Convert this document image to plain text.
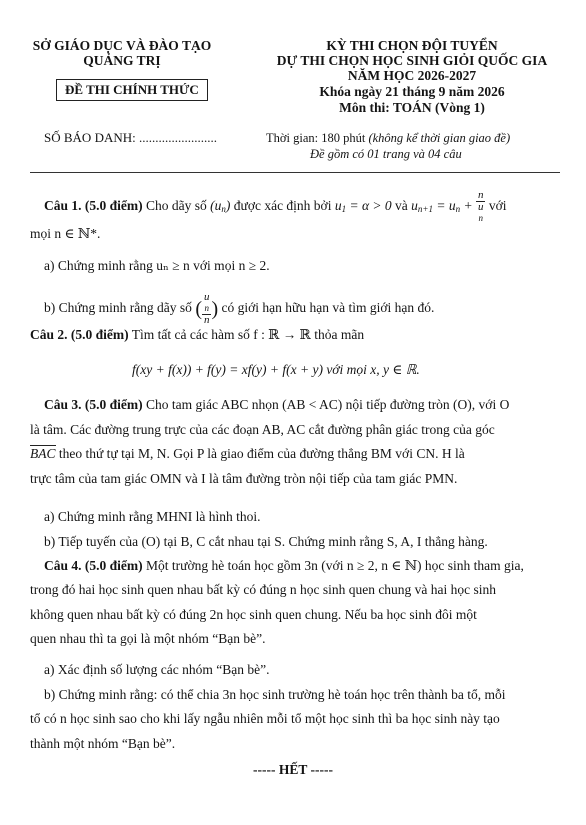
SỞ GIÁO DỤC VÀ ĐÀO TẠO
QUẢNG TRỊ
ĐỀ THI CHÍNH THỨC
KỲ THI CHỌN ĐỘI TUYỂN
DỰ THI CHỌN HỌC SINH GIỎI QUỐC GIA
NĂM HỌC 2026-2027
Khóa ngày 21 tháng 9 năm 2026
Môn thi: TOÁN (Vòng 1)
SỐ BÁO DANH: ........................	Thời gian: 180 phút (không kể thời gian giao đề)
Đề gồm có 01 trang và 04 câu
Câu 1. (5.0 điểm) Cho dãy số (un) được xác định bởi u1 = α > 0 và un+1 = un + n
u
n với
mọi n ∈ ℕ*.
a) Chứng minh rằng uₙ ≥ n với mọi n ≥ 2.
b) Chứng minh rằng dãy số ( u
n
n ) có giới hạn hữu hạn và tìm giới hạn đó.
Câu 2. (5.0 điểm) Tìm tất cả các hàm số f : ℝ → ℝ thỏa mãn
f(xy + f(x)) + f(y) = xf(y) + f(x + y) với mọi x, y ∈ ℝ.
Câu 3. (5.0 điểm) Cho tam giác ABC nhọn (AB < AC) nội tiếp đường tròn (O), với O
là tâm. Các đường trung trực của các đoạn AB, AC cắt đường phân giác trong của góc
BAC theo thứ tự tại M, N. Gọi P là giao điểm của đường thẳng BM với CN. H là
trực tâm của tam giác OMN và I là tâm đường tròn nội tiếp của tam giác PMN.
a) Chứng minh rằng MHNI là hình thoi.
b) Tiếp tuyến của (O) tại B, C cắt nhau tại S. Chứng minh rằng S, A, I thẳng hàng.
Câu 4. (5.0 điểm) Một trường hè toán học gồm 3n (với n ≥ 2, n ∈ ℕ) học sinh tham gia,
trong đó hai học sinh quen nhau bất kỳ có đúng n học sinh quen chung và hai học sinh
không quen nhau bất kỳ có đúng 2n học sinh quen chung. Nếu ba học sinh đôi một
quen nhau thì ta gọi là một nhóm “Bạn bè”.
a) Xác định số lượng các nhóm “Bạn bè”.
b) Chứng minh rằng: có thể chia 3n học sinh trường hè toán học trên thành ba tổ, mỗi
tổ có n học sinh sao cho khi lấy ngẫu nhiên mỗi tổ một học sinh thì ba học sinh này tạo
thành một nhóm “Bạn bè”.
----- HẾT -----
